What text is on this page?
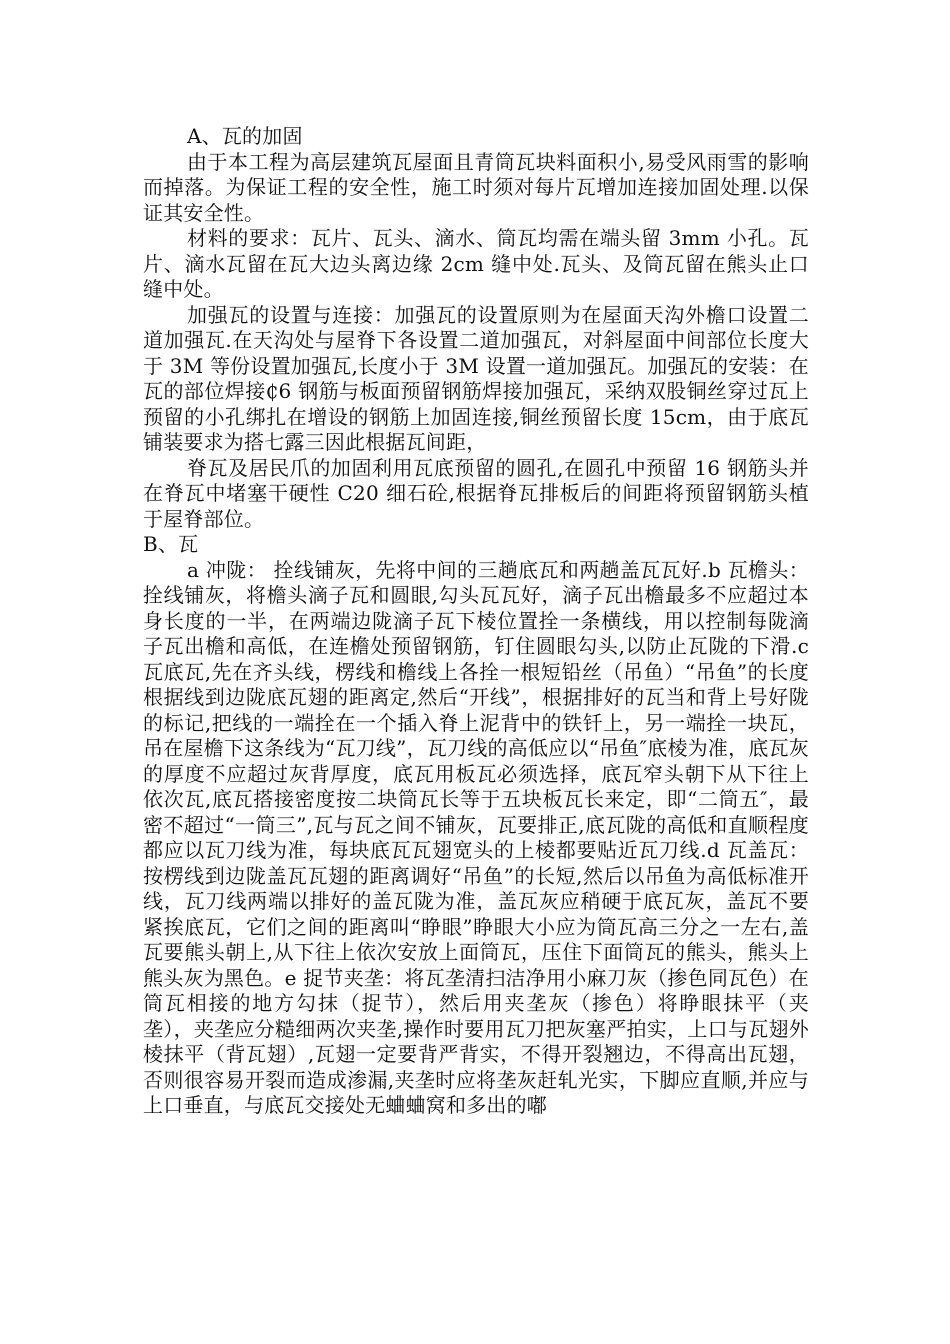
A、瓦的加固

由于本工程为高层建筑瓦屋面且青筒瓦块料面积小,易受风雨雪的影响而掉落。为保证工程的安全性，施工时须对每片瓦增加连接加固处理.以保证其安全性。

材料的要求：瓦片、瓦头、滴水、筒瓦均需在端头留 3mm 小孔。瓦片、滴水瓦留在瓦大边头离边缘 2cm 缝中处.瓦头、及筒瓦留在熊头止口缝中处。

加强瓦的设置与连接：加强瓦的设置原则为在屋面天沟外檐口设置二道加强瓦.在天沟处与屋脊下各设置二道加强瓦，对斜屋面中间部位长度大于 3M 等份设置加强瓦,长度小于 3M 设置一道加强瓦。加强瓦的安装：在瓦的部位焊接₵6 钢筋与板面预留钢筋焊接加强瓦，采纳双股铜丝穿过瓦上预留的小孔绑扎在增设的钢筋上加固连接,铜丝预留长度 15cm，由于底瓦铺装要求为搭七露三因此根据瓦间距，

脊瓦及居民爪的加固利用瓦底预留的圆孔,在圆孔中预留 16 钢筋头并在脊瓦中堵塞干硬性 C20 细石砼,根据脊瓦排板后的间距将预留钢筋头植于屋脊部位。

B、瓦

a 冲陇： 拴线铺灰，先将中间的三趟底瓦和两趟盖瓦瓦好.b 瓦檐头： 拴线铺灰，将檐头滴子瓦和圆眼,勾头瓦瓦好，滴子瓦出檐最多不应超过本身长度的一半，在两端边陇滴子瓦下棱位置拴一条横线，用以控制每陇滴子瓦出檐和高低，在连檐处预留钢筋，钉住圆眼勾头,以防止瓦陇的下滑.c 瓦底瓦,先在齐头线，楞线和檐线上各拴一根短铅丝（吊鱼）“吊鱼”的长度根据线到边陇底瓦翅的距离定,然后“开线”，根据排好的瓦当和背上号好陇的标记,把线的一端拴在一个插入脊上泥背中的铁钎上，另一端拴一块瓦，吊在屋檐下这条线为“瓦刀线”，瓦刀线的高低应以“吊鱼″底棱为准，底瓦灰的厚度不应超过灰背厚度，底瓦用板瓦必须选择，底瓦窄头朝下从下往上依次瓦,底瓦搭接密度按二块筒瓦长等于五块板瓦长来定，即“二筒五″，最密不超过“一筒三”,瓦与瓦之间不铺灰，瓦要排正,底瓦陇的高低和直顺程度都应以瓦刀线为准，每块底瓦瓦翅宽头的上棱都要贴近瓦刀线.d 瓦盖瓦： 按楞线到边陇盖瓦瓦翅的距离调好“吊鱼”的长短,然后以吊鱼为高低标准开线，瓦刀线两端以排好的盖瓦陇为准，盖瓦灰应稍硬于底瓦灰，盖瓦不要紧挨底瓦，它们之间的距离叫“睁眼”睁眼大小应为筒瓦高三分之一左右,盖瓦要熊头朝上,从下往上依次安放上面筒瓦，压住下面筒瓦的熊头，熊头上熊头灰为黑色。e 捉节夹垄：将瓦垄清扫洁净用小麻刀灰（掺色同瓦色）在筒瓦相接的地方勾抹（捉节），然后用夹垄灰（掺色）将睁眼抹平（夹垄），夹垄应分糙细两次夹垄,操作时要用瓦刀把灰塞严拍实，上口与瓦翅外棱抹平（背瓦翅）,瓦翅一定要背严背实，不得开裂翘边，不得高出瓦翅，否则很容易开裂而造成渗漏,夹垄时应将垄灰赶轧光实，下脚应直顺,并应与上口垂直，与底瓦交接处无蛐蛐窝和多出的嘟
